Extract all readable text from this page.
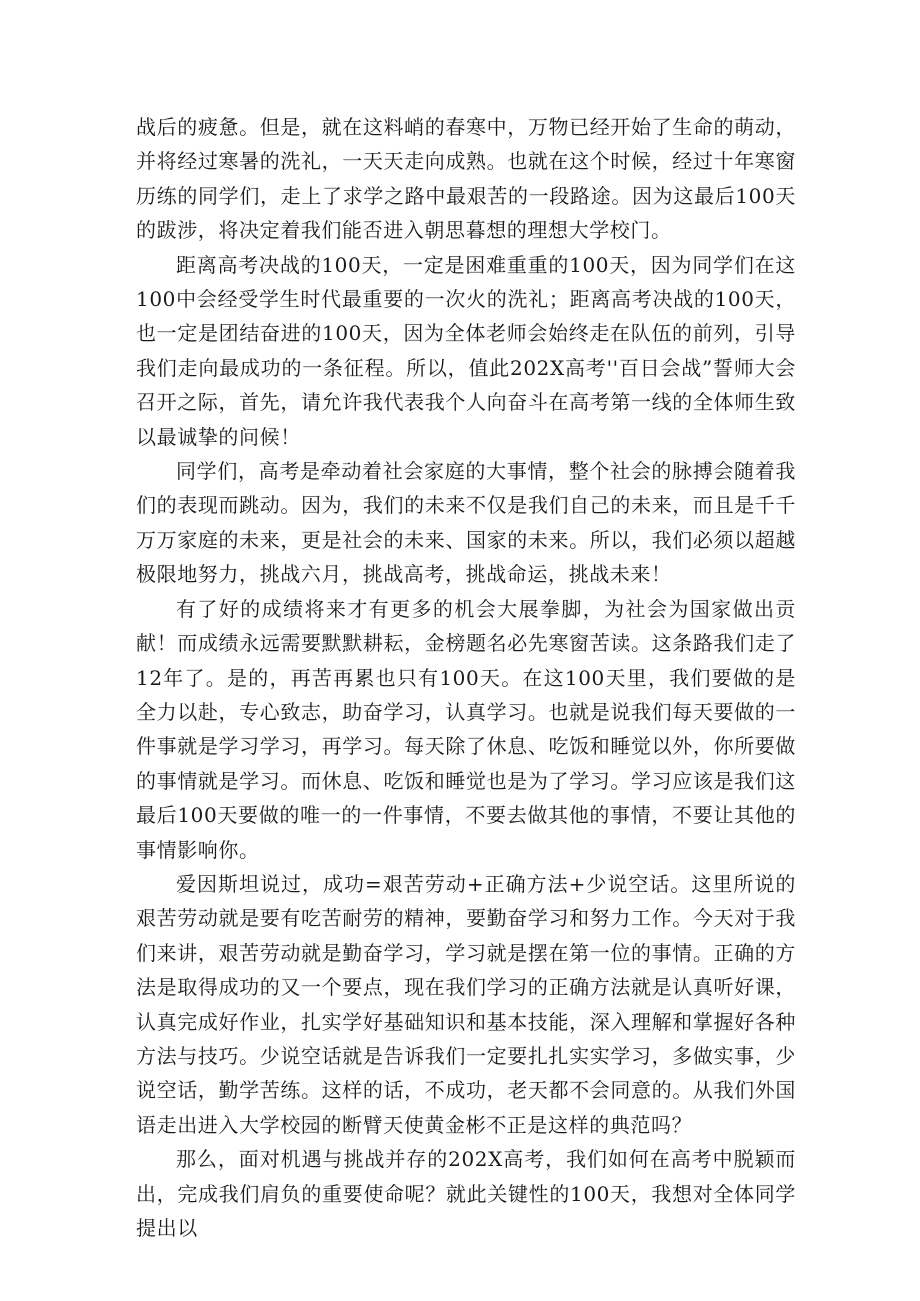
战后的疲惫。但是，就在这料峭的春寒中，万物已经开始了生命的萌动，并将经过寒暑的洗礼，一天天走向成熟。也就在这个时候，经过十年寒窗历练的同学们，走上了求学之路中最艰苦的一段路途。因为这最后100天的跋涉，将决定着我们能否进入朝思暮想的理想大学校门。

距离高考决战的100天，一定是困难重重的100天，因为同学们在这100中会经受学生时代最重要的一次火的洗礼；距离高考决战的100天，也一定是团结奋进的100天，因为全体老师会始终走在队伍的前列，引导我们走向最成功的一条征程。所以，值此202X高考''百日会战”誓师大会召开之际，首先，请允许我代表我个人向奋斗在高考第一线的全体师生致以最诚挚的问候！

同学们，高考是牵动着社会家庭的大事情，整个社会的脉搏会随着我们的表现而跳动。因为，我们的未来不仅是我们自己的未来，而且是千千万万家庭的未来，更是社会的未来、国家的未来。所以，我们必须以超越极限地努力，挑战六月，挑战高考，挑战命运，挑战未来！

有了好的成绩将来才有更多的机会大展拳脚，为社会为国家做出贡献！而成绩永远需要默默耕耘，金榜题名必先寒窗苦读。这条路我们走了12年了。是的，再苦再累也只有100天。在这100天里，我们要做的是全力以赴，专心致志，助奋学习，认真学习。也就是说我们每天要做的一件事就是学习学习，再学习。每天除了休息、吃饭和睡觉以外，你所要做的事情就是学习。而休息、吃饭和睡觉也是为了学习。学习应该是我们这最后100天要做的唯一的一件事情，不要去做其他的事情，不要让其他的事情影响你。

爱因斯坦说过，成功=艰苦劳动+正确方法+少说空话。这里所说的艰苦劳动就是要有吃苦耐劳的精神，要勤奋学习和努力工作。今天对于我们来讲，艰苦劳动就是勤奋学习，学习就是摆在第一位的事情。正确的方法是取得成功的又一个要点，现在我们学习的正确方法就是认真听好课，认真完成好作业，扎实学好基础知识和基本技能，深入理解和掌握好各种方法与技巧。少说空话就是告诉我们一定要扎扎实实学习，多做实事，少说空话，勤学苦练。这样的话，不成功，老天都不会同意的。从我们外国语走出进入大学校园的断臂天使黄金彬不正是这样的典范吗？

那么，面对机遇与挑战并存的202X高考，我们如何在高考中脱颖而出，完成我们肩负的重要使命呢？就此关键性的100天，我想对全体同学提出以
